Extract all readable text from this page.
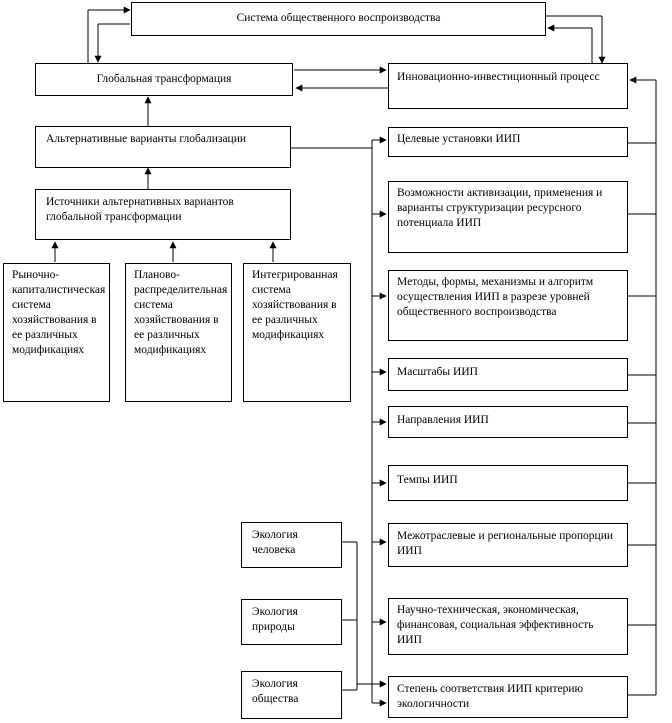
Система общественного воспроизводства
Глобальная трансформация	Инновационно-инвестиционный процесс
Альтернативные варианты глобализации
Источники альтернативных вариантов глобальной трансформации
Рыночно-капиталистическая система хозяйствования в ее различных модификациях
Планово-распределительная система хозяйствования в ее различных модификациях
Интегрированная система хозяйствования в ее различных модификациях
Экология человека
Экология природы
Экология общества
Целевые установки ИИП
Возможности активизации, применения и варианты структуризации ресурсного потенциала ИИП
Методы, формы, механизмы и алгоритм осуществления ИИП в разрезе уровней общественного воспроизводства
Масштабы ИИП
Направления ИИП
Темпы ИИП
Межотраслевые и региональные пропорции ИИП
Научно-техническая, экономическая, финансовая, социальная эффективность ИИП
Степень соответствия ИИП критерию экологичности
